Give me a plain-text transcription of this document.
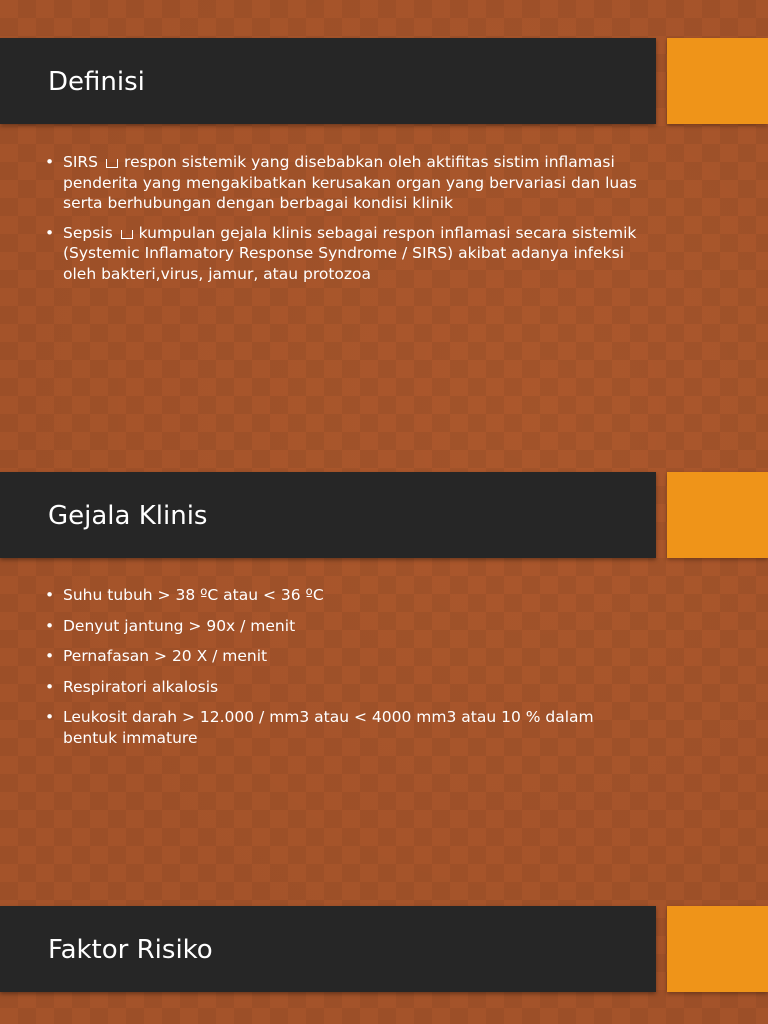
Definisi
• SIRS respon sistemik yang disebabkan oleh aktifitas sistim inflamasi penderita yang mengakibatkan kerusakan organ yang bervariasi dan luas serta berhubungan dengan berbagai kondisi klinik
• Sepsis kumpulan gejala klinis sebagai respon inflamasi secara sistemik (Systemic Inflamatory Response Syndrome / SIRS) akibat adanya infeksi oleh bakteri,virus, jamur, atau protozoa
Gejala Klinis
• Suhu tubuh > 38 ºC atau < 36 ºC
• Denyut jantung > 90x / menit
• Pernafasan > 20 X / menit
• Respiratori alkalosis
• Leukosit darah > 12.000 / mm3 atau < 4000 mm3 atau 10 % dalam bentuk immature
Faktor Risiko
